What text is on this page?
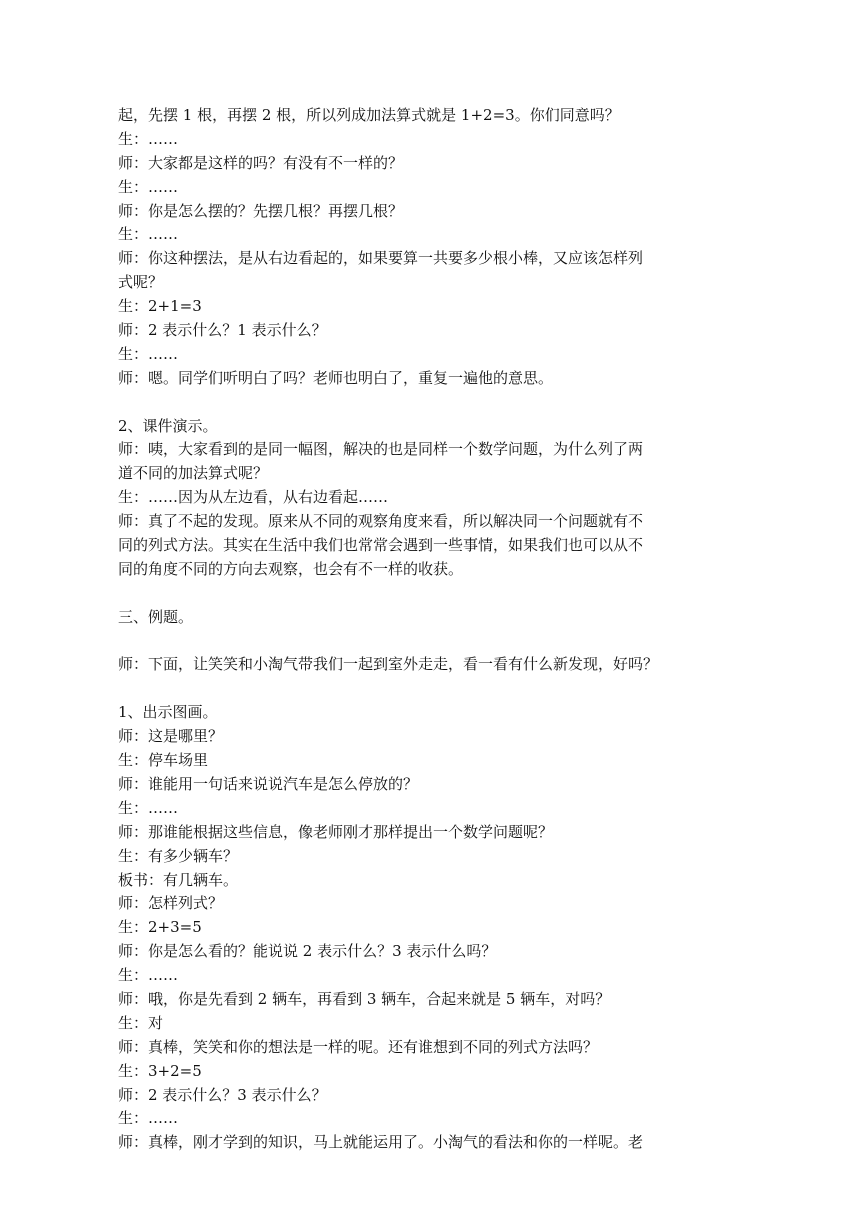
起，先摆 1 根，再摆 2 根，所以列成加法算式就是 1+2=3。你们同意吗？
生：……
师：大家都是这样的吗？有没有不一样的？
生：……
师：你是怎么摆的？先摆几根？再摆几根？
生：……
师：你这种摆法，是从右边看起的，如果要算一共要多少根小棒，又应该怎样列
式呢？
生：2+1=3
师：2 表示什么？1 表示什么？
生：……
师：嗯。同学们听明白了吗？老师也明白了，重复一遍他的意思。
2、课件演示。
师：咦，大家看到的是同一幅图，解决的也是同样一个数学问题，为什么列了两
道不同的加法算式呢？
生：……因为从左边看，从右边看起……
师：真了不起的发现。原来从不同的观察角度来看，所以解决同一个问题就有不
同的列式方法。其实在生活中我们也常常会遇到一些事情，如果我们也可以从不
同的角度不同的方向去观察，也会有不一样的收获。
三、例题。
师：下面，让笑笑和小淘气带我们一起到室外走走，看一看有什么新发现，好吗？
1、出示图画。
师：这是哪里？
生：停车场里
师：谁能用一句话来说说汽车是怎么停放的？
生：……
师：那谁能根据这些信息，像老师刚才那样提出一个数学问题呢？
生：有多少辆车？
板书：有几辆车。
师：怎样列式？
生：2+3=5
师：你是怎么看的？能说说 2 表示什么？3 表示什么吗？
生：……
师：哦，你是先看到 2 辆车，再看到 3 辆车，合起来就是 5 辆车，对吗？
生：对
师：真棒，笑笑和你的想法是一样的呢。还有谁想到不同的列式方法吗？
生：3+2=5
师：2 表示什么？3 表示什么？
生：……
师：真棒，刚才学到的知识，马上就能运用了。小淘气的看法和你的一样呢。老
